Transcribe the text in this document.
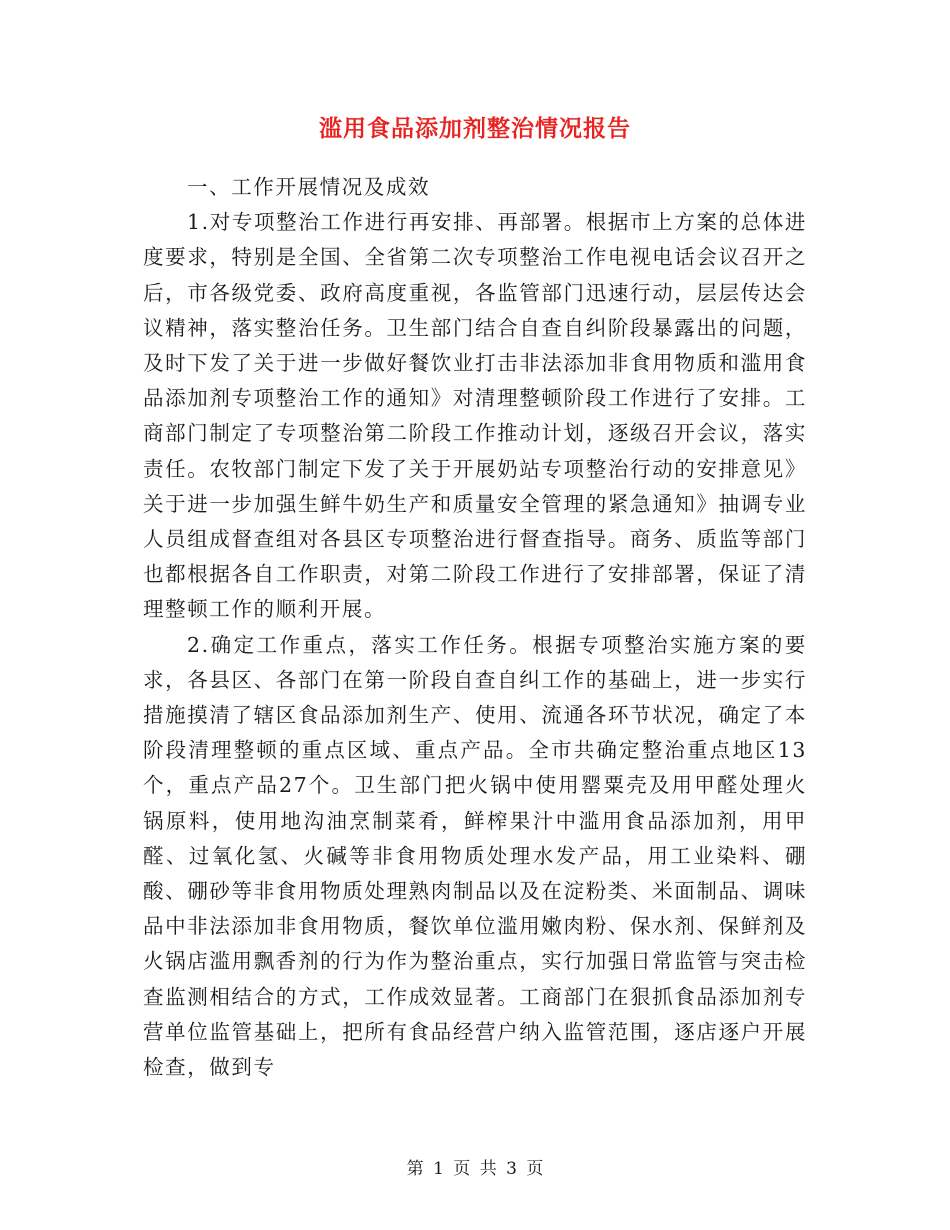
滥用食品添加剂整治情况报告

一、工作开展情况及成效

1.对专项整治工作进行再安排、再部署。根据市上方案的总体进度要求，特别是全国、全省第二次专项整治工作电视电话会议召开之后，市各级党委、政府高度重视，各监管部门迅速行动，层层传达会议精神，落实整治任务。卫生部门结合自查自纠阶段暴露出的问题，及时下发了关于进一步做好餐饮业打击非法添加非食用物质和滥用食品添加剂专项整治工作的通知》对清理整顿阶段工作进行了安排。工商部门制定了专项整治第二阶段工作推动计划，逐级召开会议，落实责任。农牧部门制定下发了关于开展奶站专项整治行动的安排意见》关于进一步加强生鲜牛奶生产和质量安全管理的紧急通知》抽调专业人员组成督查组对各县区专项整治进行督查指导。商务、质监等部门也都根据各自工作职责，对第二阶段工作进行了安排部署，保证了清理整顿工作的顺利开展。

2.确定工作重点，落实工作任务。根据专项整治实施方案的要求，各县区、各部门在第一阶段自查自纠工作的基础上，进一步实行措施摸清了辖区食品添加剂生产、使用、流通各环节状况，确定了本阶段清理整顿的重点区域、重点产品。全市共确定整治重点地区13个，重点产品27个。卫生部门把火锅中使用罂粟壳及用甲醛处理火锅原料，使用地沟油烹制菜肴，鲜榨果汁中滥用食品添加剂，用甲醛、过氧化氢、火碱等非食用物质处理水发产品，用工业染料、硼酸、硼砂等非食用物质处理熟肉制品以及在淀粉类、米面制品、调味品中非法添加非食用物质，餐饮单位滥用嫩肉粉、保水剂、保鲜剂及火锅店滥用飘香剂的行为作为整治重点，实行加强日常监管与突击检查监测相结合的方式，工作成效显著。工商部门在狠抓食品添加剂专营单位监管基础上，把所有食品经营户纳入监管范围，逐店逐户开展检查，做到专

第 1 页 共 3 页
